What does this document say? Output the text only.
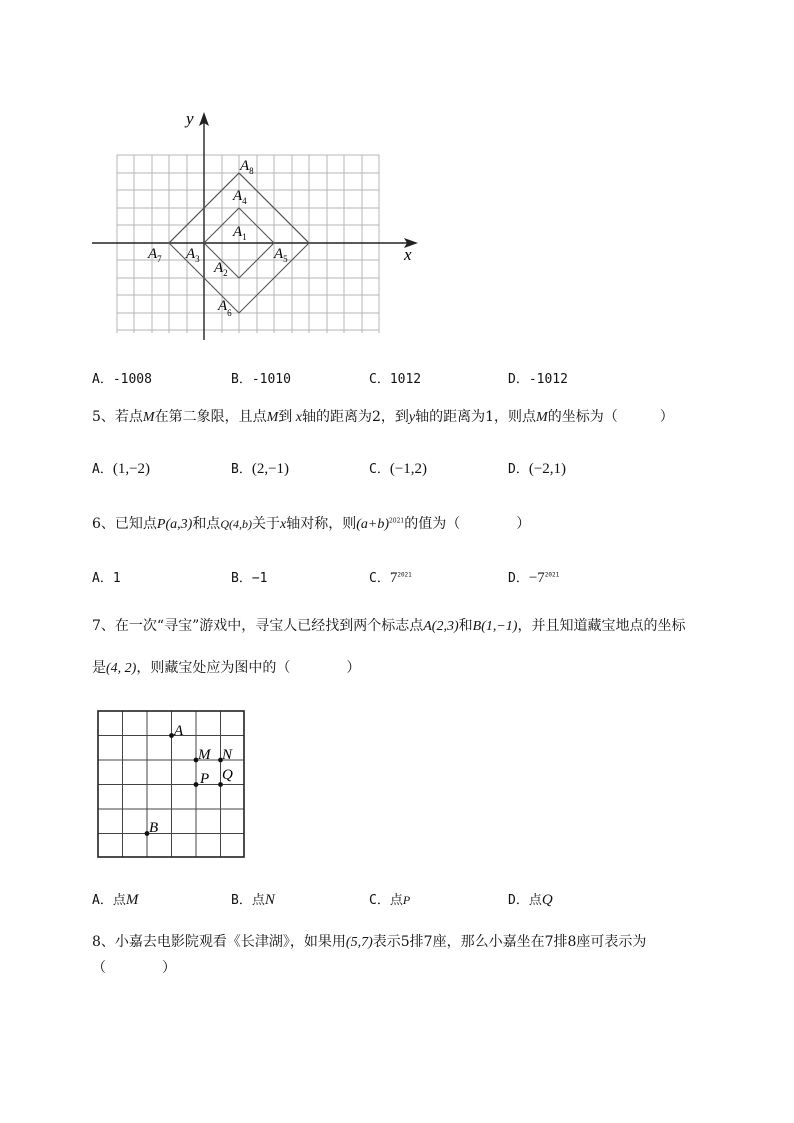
y
x
$A_8$
$A_4$
$A_1$
$A_7$ $A_3$
$A_2$
$A_5$
$A_6$
A．-1008	B．-1010	C．1012	D．-1012
5、若点M在第二象限，且点M到 x轴的距离为2，到y轴的距离为1，则点M的坐标为（　　　）
A．(1,−2)	B．(2,−1)	C．(−1,2)	D．(−2,1)
6、已知点P(a,3)和点Q(4,b)关于x轴对称，则$(a+b)^{2021}$的值为（　　　　）
A．1	B．−1	C．$7^{2021}$	D．$-7^{2021}$
7、在一次“寻宝”游戏中，寻宝人已经找到两个标志点A(2,3)和B(1,−1)，并且知道藏宝地点的坐标
是(4, 2)，则藏宝处应为图中的（　　　　）
A
M N
P Q
B
A．点M	B．点N	C．点P	D．点Q
8、小嘉去电影院观看《长津湖》，如果用(5,7)表示5排7座，那么小嘉坐在7排8座可表示为
（　　　　）
